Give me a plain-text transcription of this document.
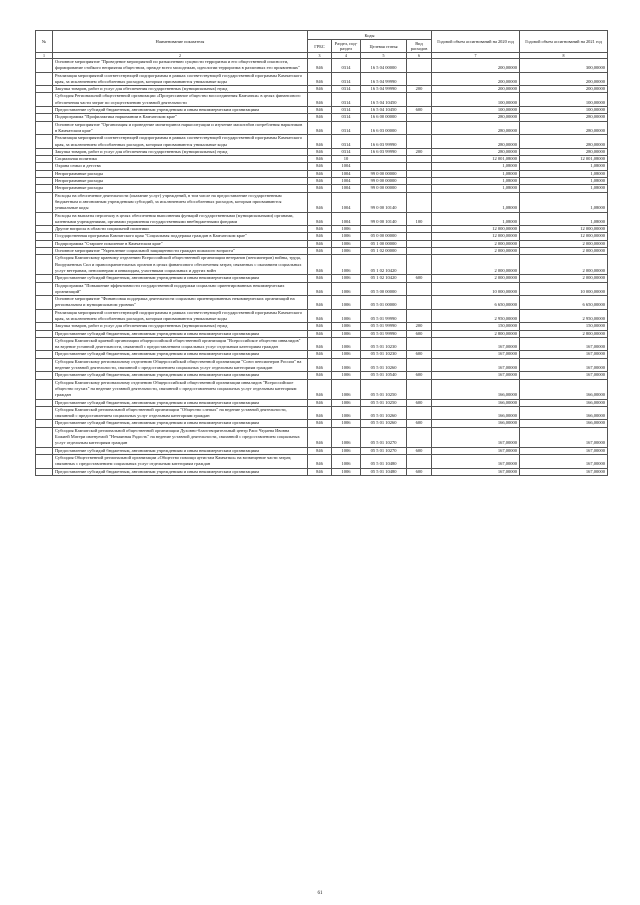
№	Наименование показателя	Коды				Годовой объем ассигнований на 2020 год	Годовой объем ассигнований на 2021 год
		ГРБС	Раздел, под-раздел	Целевая статья	Вид расходов		
1	2	3	4	5	6	7	8
	Основное мероприятие "Проведение мероприятий по разъяснению сущности терроризма и его общественной опасности, формирование стойкого неприятия обществом, прежде всего молодежью, идеологии терроризма в различных его проявлениях"	846	0314	16 5 04 00000		200,00000	300,00000
	Реализация мероприятий соответствующей подпрограммы в рамках соответствующей государственной программы Камчатского края, за исключением обособленных расходов, которым присваиваются уникальные коды	846	0314	16 5 04 99990		200,00000	200,00000
	Закупка товаров, работ и услуг для обеспечения государственных (муниципальных) нужд	846	0314	16 5 04 99990	200	200,00000	200,00000
	Субсидия Региональной общественной организации «Прогрессивное общество воссоединения Камчатки» в целях финансового обеспечения части затрат по осуществлению уставной деятельности	846	0314	16 5 04 10450		100,00000	100,00000
	Предоставление субсидий бюджетным, автономным учреждениям и иным некоммерческим организациям	846	0314	16 5 04 10450	600	100,00000	100,00000
	Подпрограмма "Профилактика наркомании в Камчатском крае"	846	0314	16 6 00 00000		280,00000	280,00000
	Основное мероприятие "Организация и проведение мониторинга наркоситуации и изучение масштабов потребления наркотиков в Камчатском крае"	846	0314	16 6 03 00000		280,00000	280,00000
	Реализация мероприятий соответствующей подпрограммы в рамках соответствующей государственной программы Камчатского края, за исключением обособленных расходов, которым присваиваются уникальные коды	846	0314	16 6 03 99990		280,00000	280,00000
	Закупка товаров, работ и услуг для обеспечения государственных (муниципальных) нужд	846	0314	16 6 03 99990	200	280,00000	280,00000
	Социальная политика	846	10			12 001,08000	12 001,08000
	Охрана семьи и детства	846	1004			1,08000	1,08000
	Непрограммные расходы	846	1004	99 0 00 00000		1,08000	1,08000
	Непрограммные расходы	846	1004	99 0 00 00000		1,08000	1,08000
	Непрограммные расходы	846	1004	99 0 00 00000		1,08000	1,08000
	Расходы на обеспечение деятельности (оказание услуг) учреждений, в том числе на предоставление государственным бюджетным и автономным учреждениям субсидий, за исключением обособленных расходов, которым присваиваются уникальные коды	846	1004	99 0 00 10140		1,08000	1,08000
	Расходы на выплаты персоналу в целях обеспечения выполнения функций государственными (муниципальными) органами, казенными учреждениями, органами управления государственными внебюджетными фондами	846	1004	99 0 00 10140	100	1,08000	1,08000
	Другие вопросы в области социальной политики	846	1006			12 000,00000	12 000,00000
	Государственная программа Камчатского края "Социальная поддержка граждан в Камчатском крае"	846	1006	05 0 00 00000		12 000,00000	12 000,00000
	Подпрограмма "Старшее поколение в Камчатском крае"	846	1006	05 1 00 00000		2 000,00000	2 000,00000
	Основное мероприятие "Укрепление социальной защищенности граждан пожилого возраста"	846	1006	05 1 02 00000		2 000,00000	2 000,00000
	Субсидия Камчатскому краевому отделению Всероссийской общественной организации ветеранов (пенсионеров) войны, труда, Вооруженных Сил и правоохранительных органов в целях финансового обеспечения затрат, связанных с оказанием социальных услуг ветеранам, пенсионерам и инвалидам, участникам социальных и других войн	846	1006	05 1 02 10420		2 000,00000	2 000,00000
	Предоставление субсидий бюджетным, автономным учреждениям и иным некоммерческим организациям	846	1006	05 1 02 10420	600	2 000,00000	2 000,00000
	Подпрограмма "Повышение эффективности государственной поддержки социально ориентированных некоммерческих организаций"	846	1006	05 5 00 00000		10 000,00000	10 000,00000
	Основное мероприятие "Финансовая поддержка деятельности социально ориентированных некоммерческих организаций на региональном и муниципальном уровнях"	846	1006	05 5 01 00000		6 650,00000	6 650,00000
	Реализация мероприятий соответствующей подпрограммы в рамках соответствующей государственной программы Камчатского края, за исключением обособленных расходов, которым присваиваются уникальные коды	846	1006	05 5 01 99990		2 950,00000	2 950,00000
	Закупка товаров, работ и услуг для обеспечения государственных (муниципальных) нужд	846	1006	05 5 01 99990	200	150,00000	150,00000
	Предоставление субсидий бюджетным, автономным учреждениям и иным некоммерческим организациям	846	1006	05 5 01 99990	600	2 800,00000	2 800,00000
	Субсидия Камчатской краевой организации общероссийской общественной организации "Всероссийское общество инвалидов" на ведение уставной деятельности, связанной с предоставлением социальных услуг отдельным категориям граждан	846	1006	05 5 01 10230		167,00000	167,00000
	Предоставление субсидий бюджетным, автономным учреждениям и иным некоммерческим организациям	846	1006	05 5 01 10230	600	167,00000	167,00000
	Субсидия Камчатскому региональному отделению Общероссийской общественной организации "Союз пенсионеров России" на ведение уставной деятельности, связанной с предоставлением социальных услуг отдельным категориям граждан	846	1006	05 5 01 10260		167,00000	167,00000
	Предоставление субсидий бюджетным, автономным учреждениям и иным некоммерческим организациям	846	1006	05 5 01 10540	600	167,00000	167,00000
	Субсидия Камчатскому региональному отделению Общероссийской общественной организации инвалидов "Всероссийское общество глухих" на ведение уставной деятельности, связанной с предоставлением социальных услуг отдельным категориям граждан	846	1006	05 5 01 10250		166,00000	166,00000
	Предоставление субсидий бюджетным, автономным учреждениям и иным некоммерческим организациям	846	1006	05 5 01 10250	600	166,00000	166,00000
	Субсидия Камчатской региональной общественной организации "Общество слепых" на ведение уставной деятельности, связанной с предоставлением социальных услуг отдельным категориям граждан	846	1006	05 5 01 10260		166,00000	166,00000
	Предоставление субсидий бюджетным, автономным учреждениям и иным некоммерческим организациям	846	1006	05 5 01 10260	600	166,00000	166,00000
	Субсидия Камчатской региональной общественной организации Духовно-благотворительный центр Раис Чедаева Ивовна Божией Матери именуемой "Нечаянная Радость" на ведение уставной деятельности, связанной с предоставлением социальных услуг отдельным категориям граждан	846	1006	05 5 01 10270		167,00000	167,00000
	Предоставление субсидий бюджетным, автономным учреждениям и иным некоммерческим организациям	846	1006	05 5 01 10270	600	167,00000	167,00000
	Субсидия Общественной региональной организации «Общество помощи аутистам Камчатки» на возмещение части затрат, связанных с предоставлением социальных услуг отдельным категориям граждан	846	1006	05 5 01 10480		167,00000	167,00000
	Предоставление субсидий бюджетным, автономным учреждениям и иным некоммерческим организациям	846	1006	05 5 01 10480	600	167,00000	167,00000
61
